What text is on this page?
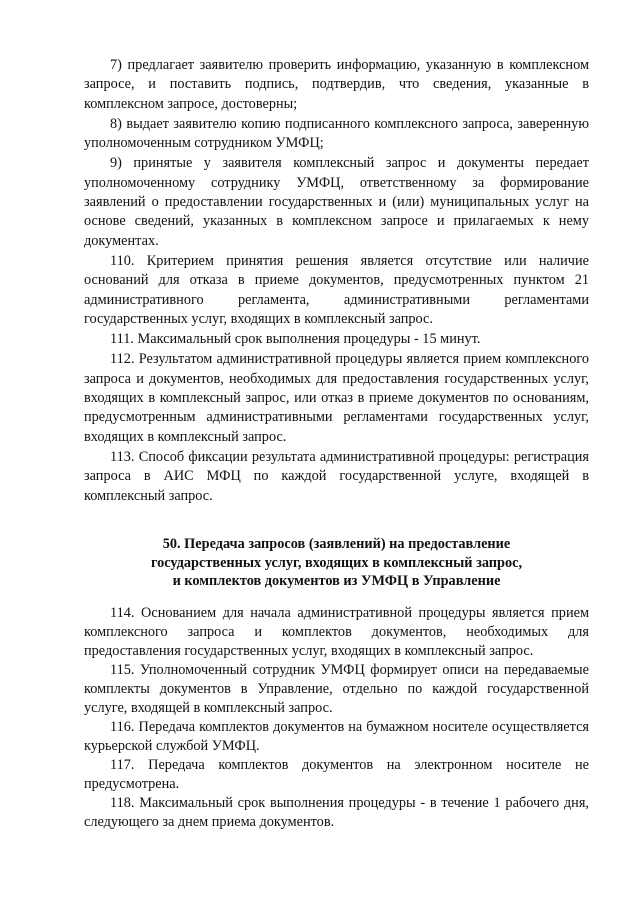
7) предлагает заявителю проверить информацию, указанную в комплексном запросе, и поставить подпись, подтвердив, что сведения, указанные в комплексном запросе, достоверны;

8) выдает заявителю копию подписанного комплексного запроса, заверенную уполномоченным сотрудником УМФЦ;

9) принятые у заявителя комплексный запрос и документы передает уполномоченному сотруднику УМФЦ, ответственному за формирование заявлений о предоставлении государственных и (или) муниципальных услуг на основе сведений, указанных в комплексном запросе и прилагаемых к нему документах.

110. Критерием принятия решения является отсутствие или наличие оснований для отказа в приеме документов, предусмотренных пунктом 21 административного регламента, административными регламентами государственных услуг, входящих в комплексный запрос.

111. Максимальный срок выполнения процедуры - 15 минут.

112. Результатом административной процедуры является прием комплексного запроса и документов, необходимых для предоставления государственных услуг, входящих в комплексный запрос, или отказ в приеме документов по основаниям, предусмотренным административными регламентами государственных услуг, входящих в комплексный запрос.

113. Способ фиксации результата административной процедуры: регистрация запроса в АИС МФЦ по каждой государственной услуге, входящей в комплексный запрос.

50. Передача запросов (заявлений) на предоставление
государственных услуг, входящих в комплексный запрос,
и комплектов документов из УМФЦ в Управление

114. Основанием для начала административной процедуры является прием комплексного запроса и комплектов документов, необходимых для предоставления государственных услуг, входящих в комплексный запрос.

115. Уполномоченный сотрудник УМФЦ формирует описи на передаваемые комплекты документов в Управление, отдельно по каждой государственной услуге, входящей в комплексный запрос.

116. Передача комплектов документов на бумажном носителе осуществляется курьерской службой УМФЦ.

117. Передача комплектов документов на электронном носителе не предусмотрена.

118. Максимальный срок выполнения процедуры - в течение 1 рабочего дня, следующего за днем приема документов.
